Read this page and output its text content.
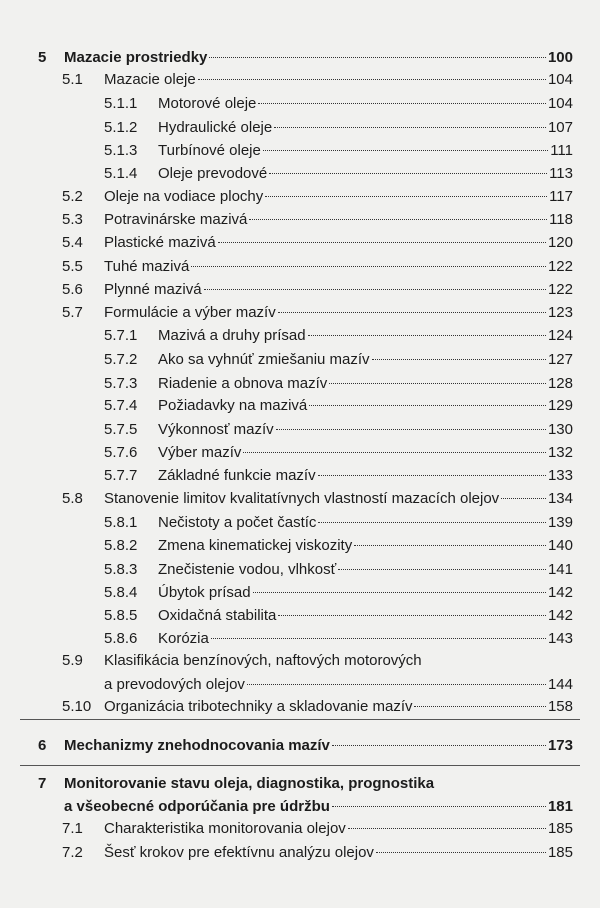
5 Mazacie prostriedky	100
5.1 Mazacie oleje	104
5.1.1 Motorové oleje	104
5.1.2 Hydraulické oleje	107
5.1.3 Turbínové oleje	111
5.1.4 Oleje prevodové	113
5.2 Oleje na vodiace plochy	117
5.3 Potravinárske mazivá	118
5.4 Plastické mazivá	120
5.5 Tuhé mazivá	122
5.6 Plynné mazivá	122
5.7 Formulácie a výber mazív	123
5.7.1 Mazivá a druhy prísad	124
5.7.2 Ako sa vyhnúť zmiešaniu mazív	127
5.7.3 Riadenie a obnova mazív	128
5.7.4 Požiadavky na mazivá	129
5.7.5 Výkonnosť mazív	130
5.7.6 Výber mazív	132
5.7.7 Základné funkcie mazív	133
5.8 Stanovenie limitov kvalitatívnych vlastností mazacích olejov	134
5.8.1 Nečistoty a počet častíc	139
5.8.2 Zmena kinematickej viskozity	140
5.8.3 Znečistenie vodou, vlhkosť	141
5.8.4 Úbytok prísad	142
5.8.5 Oxidačná stabilita	142
5.8.6 Korózia	143
5.9 Klasifikácia benzínových, naftových motorových
a prevodových olejov	144
5.10 Organizácia tribotechniky a skladovanie mazív	158
6 Mechanizmy znehodnocovania mazív	173
7 Monitorovanie stavu oleja, diagnostika, prognostika
a všeobecné odporúčania pre údržbu	181
7.1 Charakteristika monitorovania olejov	185
7.2 Šesť krokov pre efektívnu analýzu olejov	185
